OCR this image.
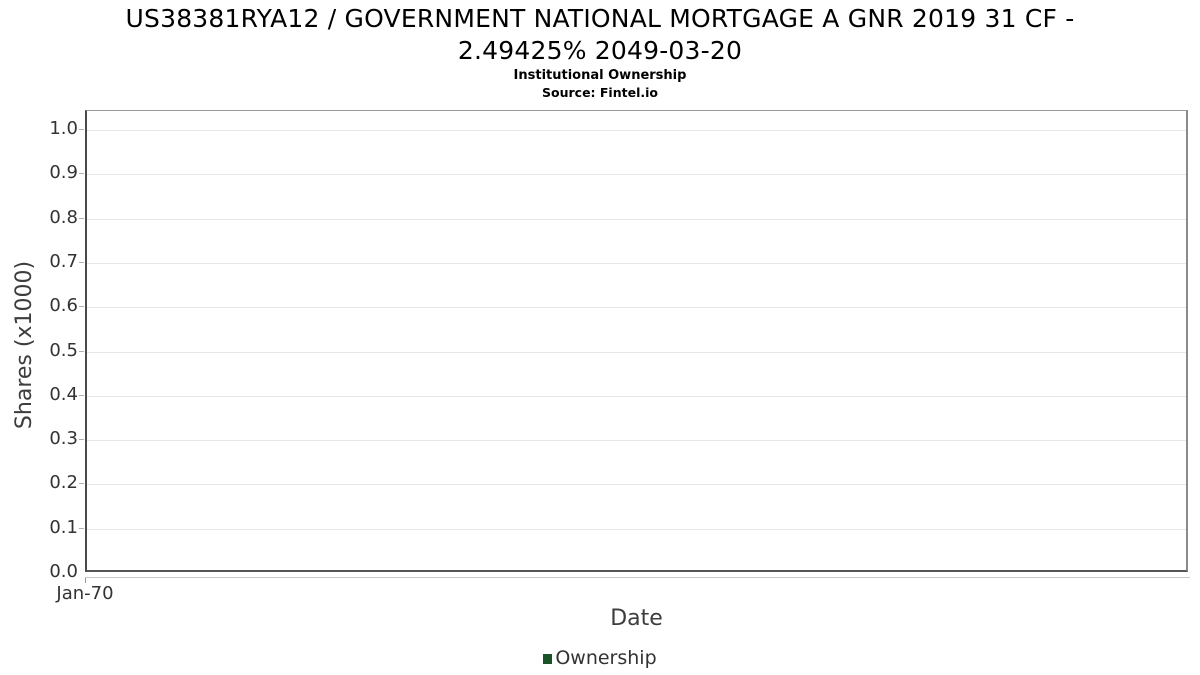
US38381RYA12 / GOVERNMENT NATIONAL MORTGAGE A GNR 2019 31 CF -
2.49425% 2049-03-20
Institutional Ownership
Source: Fintel.io
Shares (x1000)
1.0
0.9
0.8
0.7
0.6
0.5
0.4
0.3
0.2
0.1
0.0
Jan-70
Date
Ownership
